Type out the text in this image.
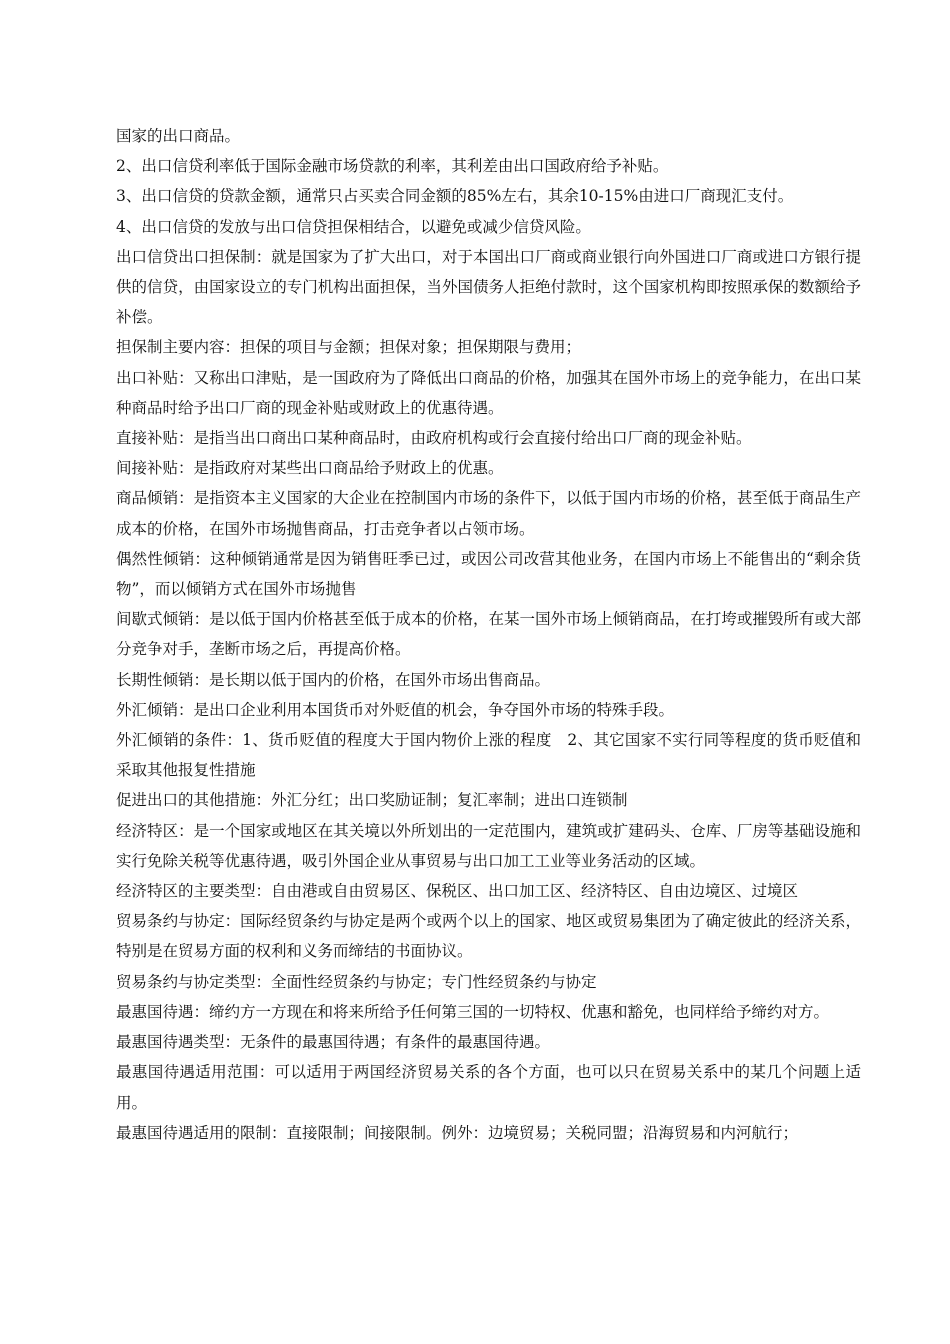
国家的出口商品。

2、出口信贷利率低于国际金融市场贷款的利率，其利差由出口国政府给予补贴。

3、出口信贷的贷款金额，通常只占买卖合同金额的85%左右，其余10-15%由进口厂商现汇支付。

4、出口信贷的发放与出口信贷担保相结合，以避免或减少信贷风险。

出口信贷出口担保制：就是国家为了扩大出口，对于本国出口厂商或商业银行向外国进口厂商或进口方银行提供的信贷，由国家设立的专门机构出面担保，当外国债务人拒绝付款时，这个国家机构即按照承保的数额给予补偿。

担保制主要内容：担保的项目与金额；担保对象；担保期限与费用；

出口补贴：又称出口津贴，是一国政府为了降低出口商品的价格，加强其在国外市场上的竞争能力，在出口某种商品时给予出口厂商的现金补贴或财政上的优惠待遇。

直接补贴：是指当出口商出口某种商品时，由政府机构或行会直接付给出口厂商的现金补贴。

间接补贴：是指政府对某些出口商品给予财政上的优惠。

商品倾销：是指资本主义国家的大企业在控制国内市场的条件下，以低于国内市场的价格，甚至低于商品生产成本的价格，在国外市场抛售商品，打击竞争者以占领市场。

偶然性倾销：这种倾销通常是因为销售旺季已过，或因公司改营其他业务，在国内市场上不能售出的“剩余货物”，而以倾销方式在国外市场抛售

间歇式倾销：是以低于国内价格甚至低于成本的价格，在某一国外市场上倾销商品，在打垮或摧毁所有或大部分竞争对手，垄断市场之后，再提高价格。

长期性倾销：是长期以低于国内的价格，在国外市场出售商品。

外汇倾销：是出口企业利用本国货币对外贬值的机会，争夺国外市场的特殊手段。

外汇倾销的条件：1、货币贬值的程度大于国内物价上涨的程度　2、其它国家不实行同等程度的货币贬值和采取其他报复性措施

促进出口的其他措施：外汇分红；出口奖励证制；复汇率制；进出口连锁制

经济特区：是一个国家或地区在其关境以外所划出的一定范围内，建筑或扩建码头、仓库、厂房等基础设施和实行免除关税等优惠待遇，吸引外国企业从事贸易与出口加工工业等业务活动的区域。

经济特区的主要类型：自由港或自由贸易区、保税区、出口加工区、经济特区、自由边境区、过境区

贸易条约与协定：国际经贸条约与协定是两个或两个以上的国家、地区或贸易集团为了确定彼此的经济关系，特别是在贸易方面的权利和义务而缔结的书面协议。

贸易条约与协定类型：全面性经贸条约与协定；专门性经贸条约与协定

最惠国待遇：缔约方一方现在和将来所给予任何第三国的一切特权、优惠和豁免，也同样给予缔约对方。

最惠国待遇类型：无条件的最惠国待遇；有条件的最惠国待遇。

最惠国待遇适用范围：可以适用于两国经济贸易关系的各个方面，也可以只在贸易关系中的某几个问题上适用。

最惠国待遇适用的限制：直接限制；间接限制。例外：边境贸易；关税同盟；沿海贸易和内河航行；
